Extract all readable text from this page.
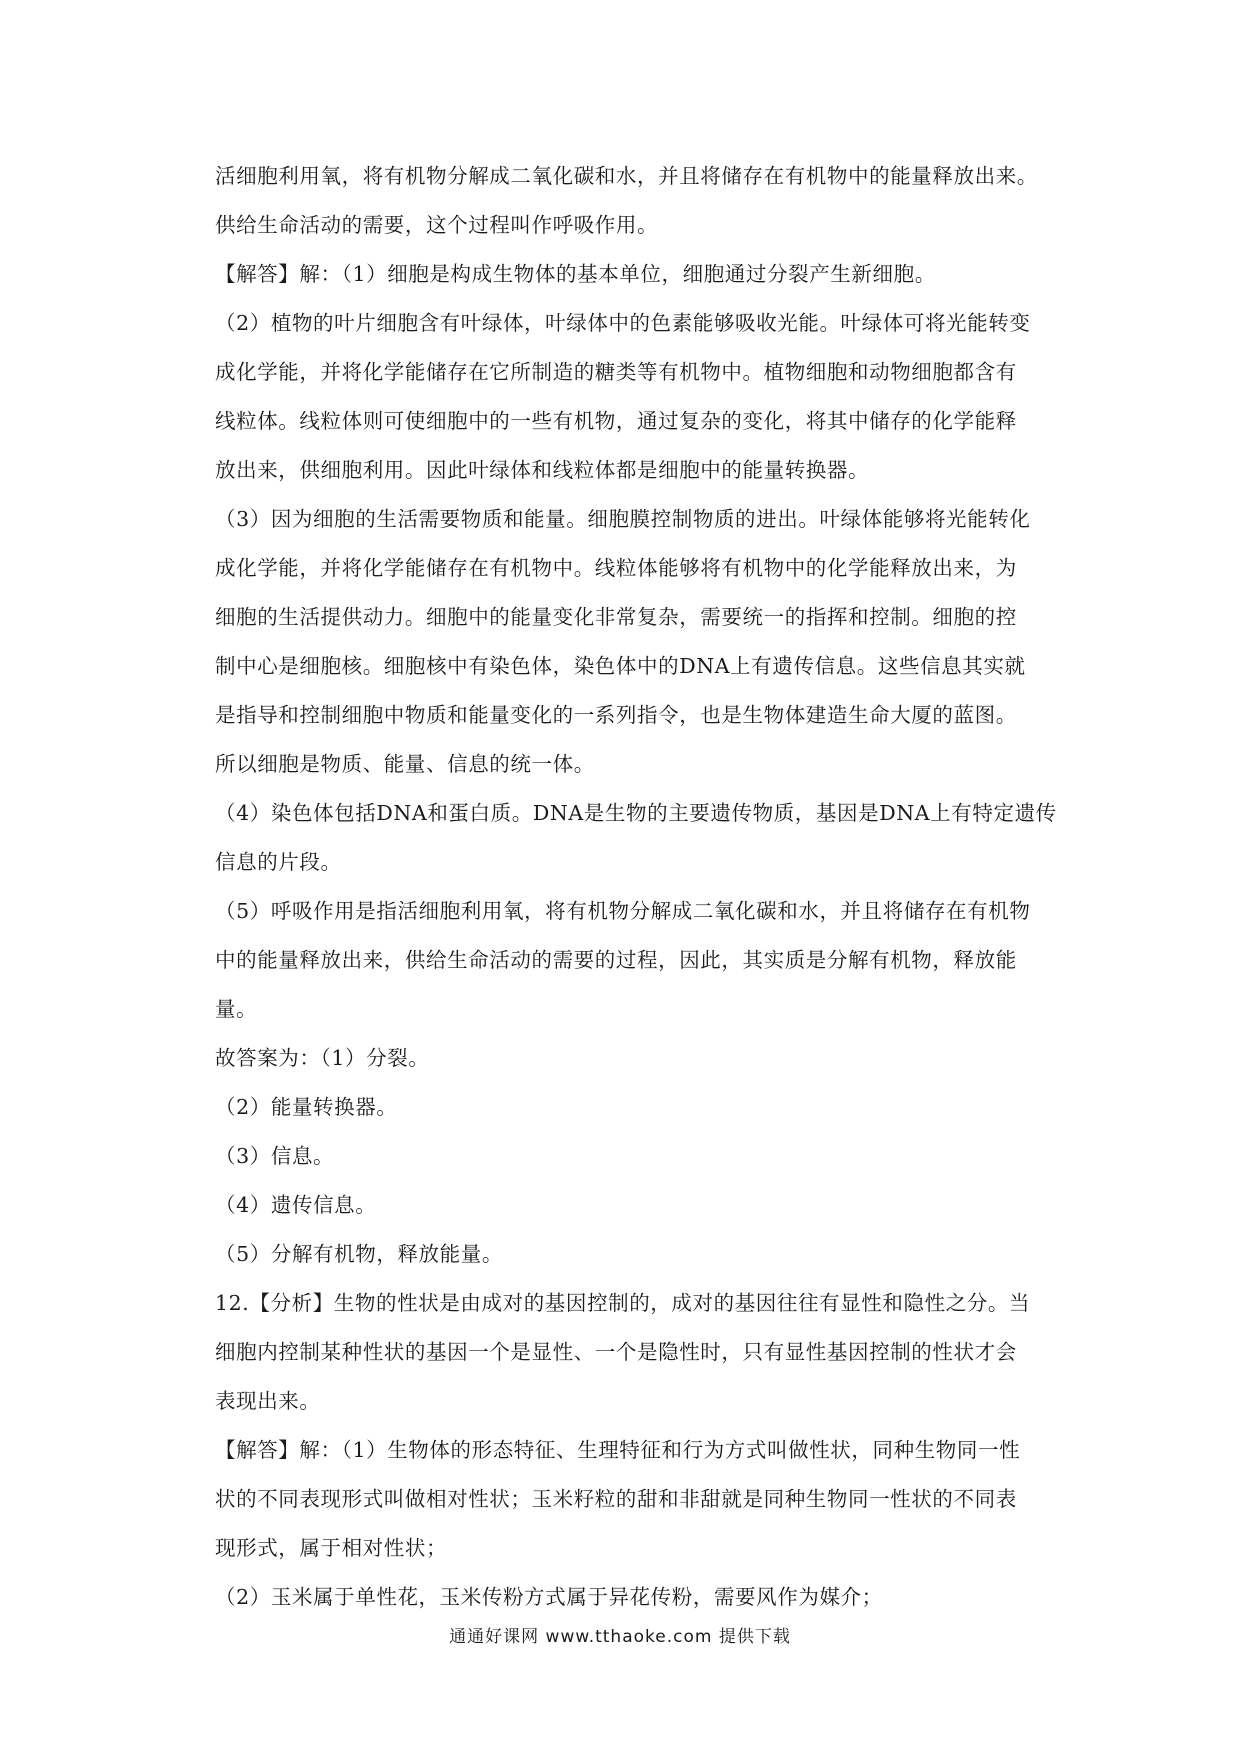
活细胞利用氧，将有机物分解成二氧化碳和水，并且将储存在有机物中的能量释放出来。
供给生命活动的需要，这个过程叫作呼吸作用。
【解答】解：（1）细胞是构成生物体的基本单位，细胞通过分裂产生新细胞。
（2）植物的叶片细胞含有叶绿体，叶绿体中的色素能够吸收光能。叶绿体可将光能转变
成化学能，并将化学能储存在它所制造的糖类等有机物中。植物细胞和动物细胞都含有
线粒体。线粒体则可使细胞中的一些有机物，通过复杂的变化，将其中储存的化学能释
放出来，供细胞利用。因此叶绿体和线粒体都是细胞中的能量转换器。
（3）因为细胞的生活需要物质和能量。细胞膜控制物质的进出。叶绿体能够将光能转化
成化学能，并将化学能储存在有机物中。线粒体能够将有机物中的化学能释放出来，为
细胞的生活提供动力。细胞中的能量变化非常复杂，需要统一的指挥和控制。细胞的控
制中心是细胞核。细胞核中有染色体，染色体中的DNA上有遗传信息。这些信息其实就
是指导和控制细胞中物质和能量变化的一系列指令，也是生物体建造生命大厦的蓝图。
所以细胞是物质、能量、信息的统一体。
（4）染色体包括DNA和蛋白质。DNA是生物的主要遗传物质，基因是DNA上有特定遗传
信息的片段。
（5）呼吸作用是指活细胞利用氧，将有机物分解成二氧化碳和水，并且将储存在有机物
中的能量释放出来，供给生命活动的需要的过程，因此，其实质是分解有机物，释放能
量。
故答案为：（1）分裂。
（2）能量转换器。
（3）信息。
（4）遗传信息。
（5）分解有机物，释放能量。
12.【分析】生物的性状是由成对的基因控制的，成对的基因往往有显性和隐性之分。当
细胞内控制某种性状的基因一个是显性、一个是隐性时，只有显性基因控制的性状才会
表现出来。
【解答】解：（1）生物体的形态特征、生理特征和行为方式叫做性状，同种生物同一性
状的不同表现形式叫做相对性状；玉米籽粒的甜和非甜就是同种生物同一性状的不同表
现形式，属于相对性状；
（2）玉米属于单性花，玉米传粉方式属于异花传粉，需要风作为媒介；
通通好课网 www.tthaoke.com 提供下载
